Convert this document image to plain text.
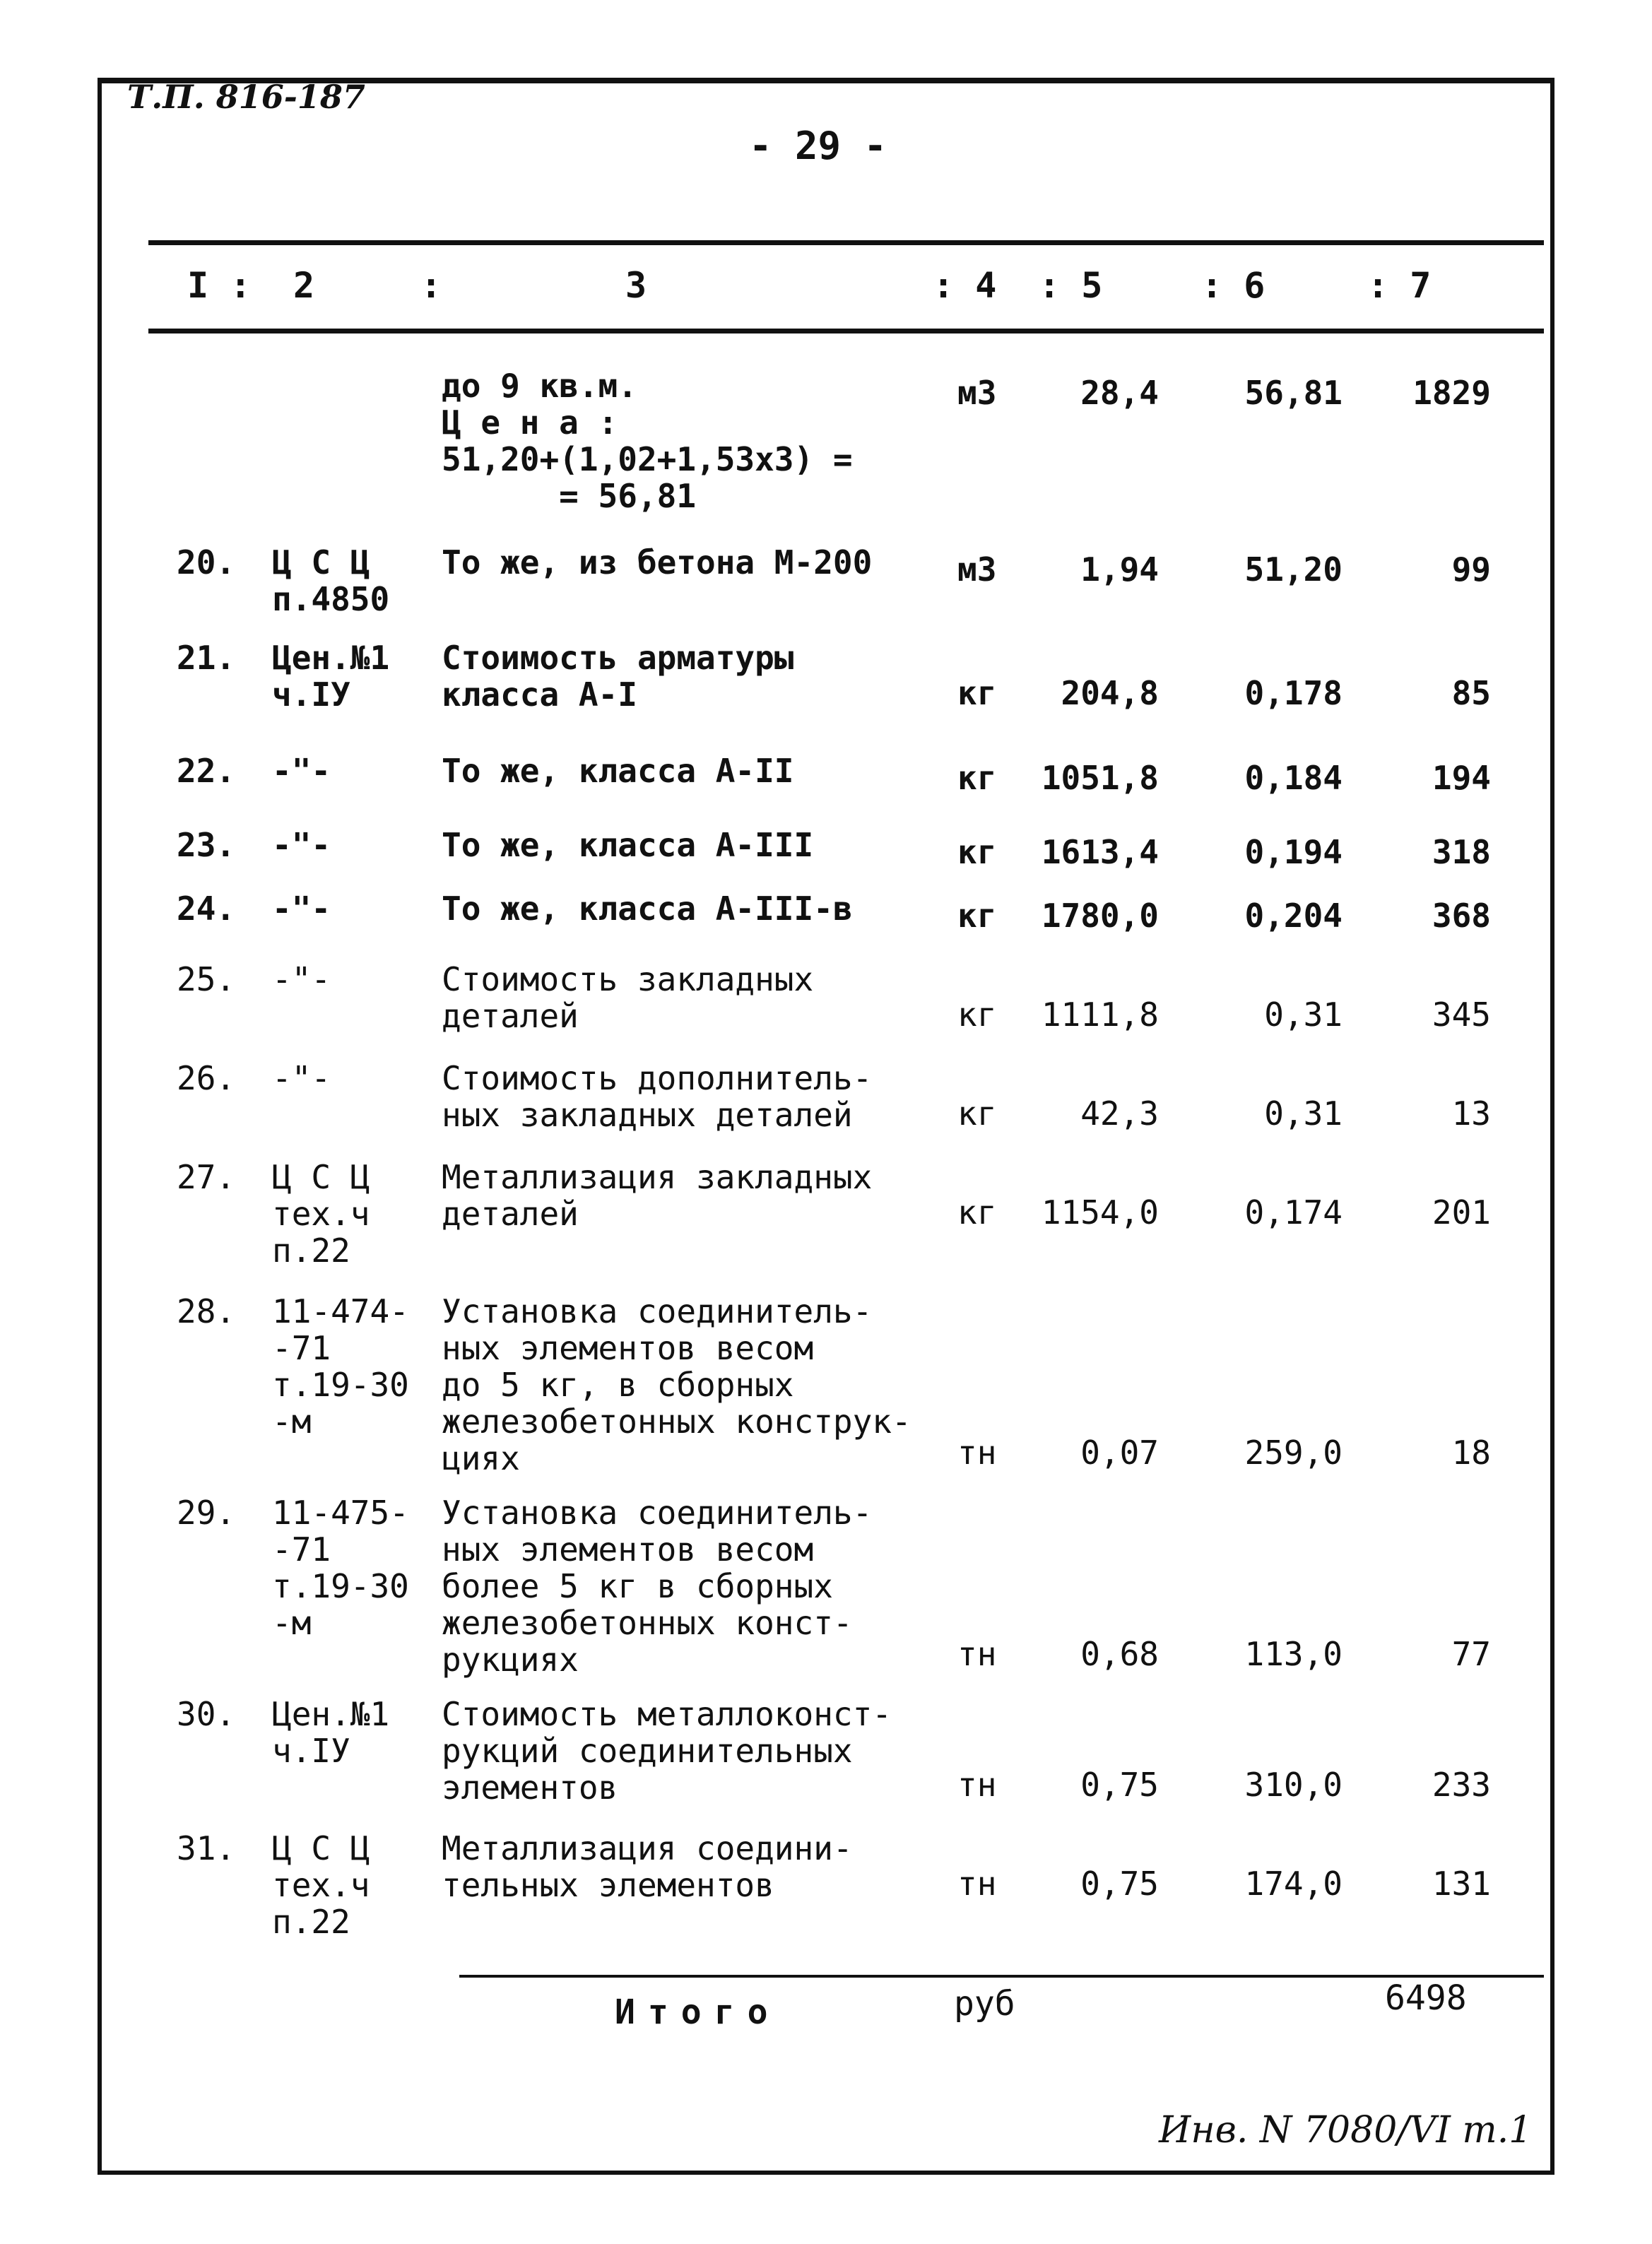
Т.П. 816-187
- 29 -
I : 2	:	3	: 4 : 5	: 6	: 7
до 9 кв.м.
Ц е н а :
51,20+(1,02+1,53х3) =
= 56,81
м3	28,4	56,81	1829
20.	Ц С Ц
п.4850
То же, из бетона М-200	м3	1,94	51,20	99
21.	Цен.№1
ч.IУ
Стоимость арматуры
класса А-I	кг	204,8	0,178	85
22.	-"-	То же, класса А-II	кг	1051,8	0,184	194
23.	-"-	То же, класса А-III	кг	1613,4	0,194	318
24.	-"-	То же, класса А-III-в	кг	1780,0	0,204	368
25.	-"-	Стоимость закладных
деталей	кг	1111,8	0,31	345
26.	-"-	Стоимость дополнитель-
ных закладных деталей	кг	42,3	0,31	13
27.	Ц С Ц
тех.ч
п.22
Металлизация закладных
деталей	кг	1154,0	0,174	201
28.	11-474-
-71
т.19-30
-м
Установка соединитель-
ных элементов весом
до 5 кг, в сборных
железобетонных конструк-
циях	тн	0,07	259,0	18
29.	11-475-
-71
т.19-30
-м
Установка соединитель-
ных элементов весом
более 5 кг в сборных
железобетонных конст-
рукциях	тн	0,68	113,0	77
30.	Цен.№1
ч.IУ
Стоимость металлоконст-
рукций соединительных
элементов	тн	0,75	310,0	233
31.	Ц С Ц
тех.ч
п.22
Металлизация соедини-
тельных элементов	тн	0,75	174,0	131
Итого	руб	6498
Инв. N 7080/VI т.1
